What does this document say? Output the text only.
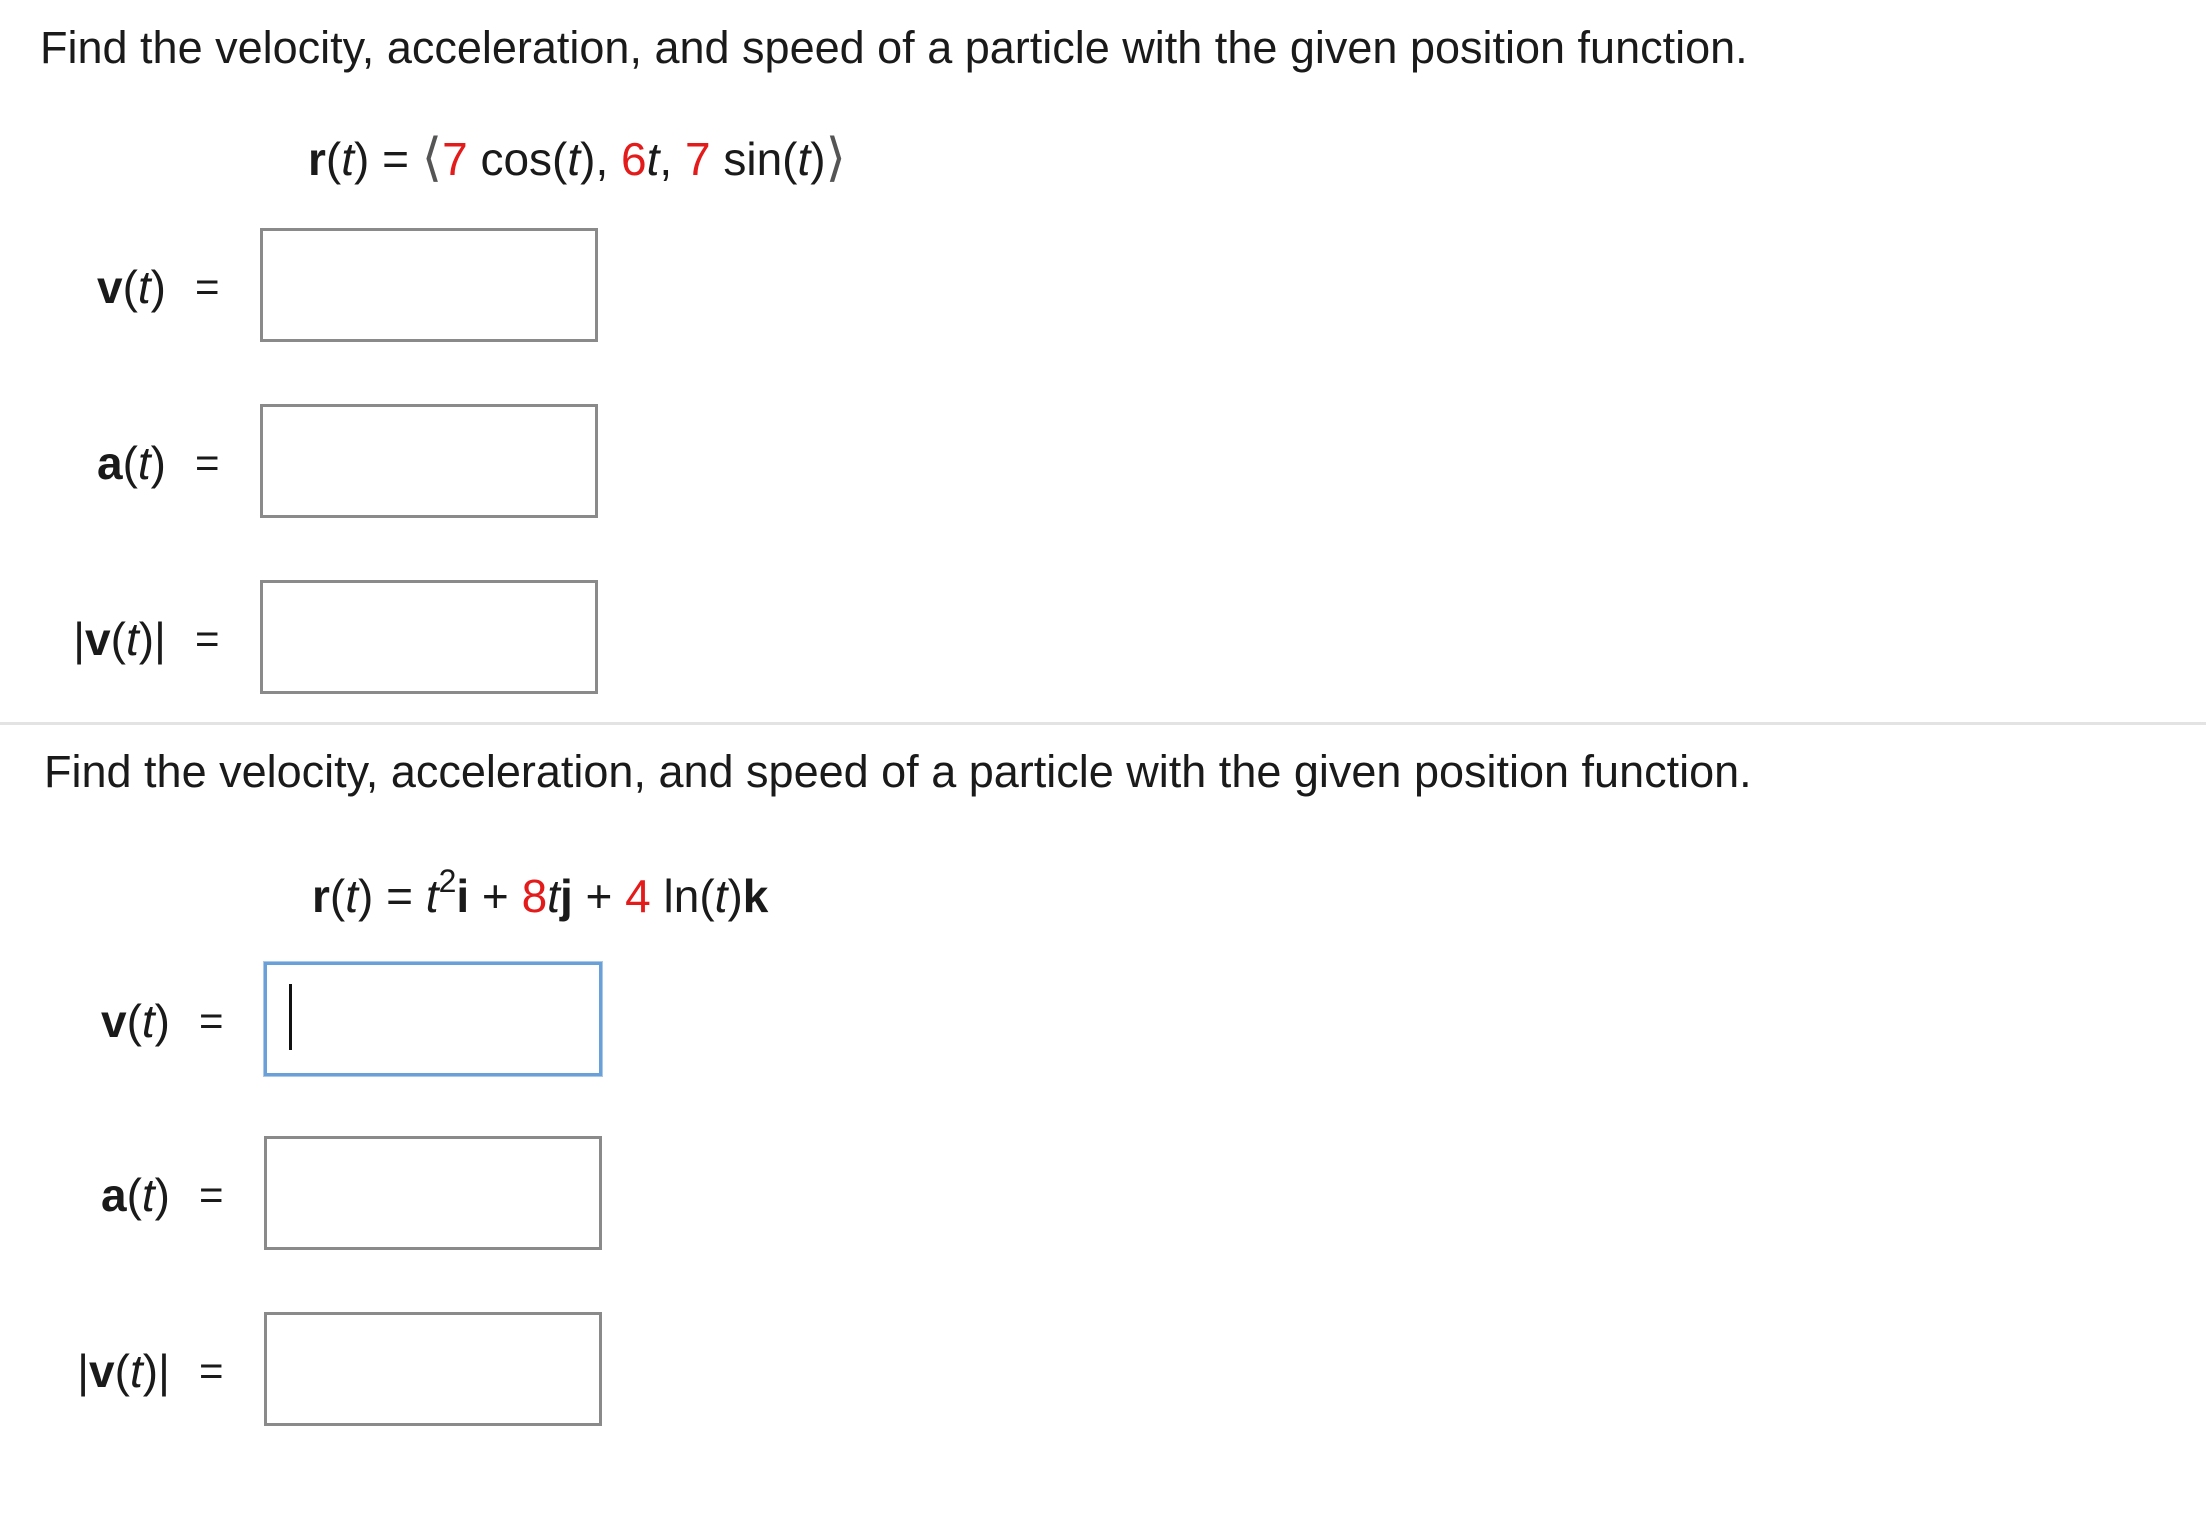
Find the velocity, acceleration, and speed of a particle with the given position function.
r(t) = ⟨7 cos(t), 6t, 7 sin(t)⟩
v(t) =
a(t) =
|v(t)| =
Find the velocity, acceleration, and speed of a particle with the given position function.
$r(t) = t^2i + 8tj + 4$ ln(t)k
v(t) =
a(t) =
|v(t)| =
